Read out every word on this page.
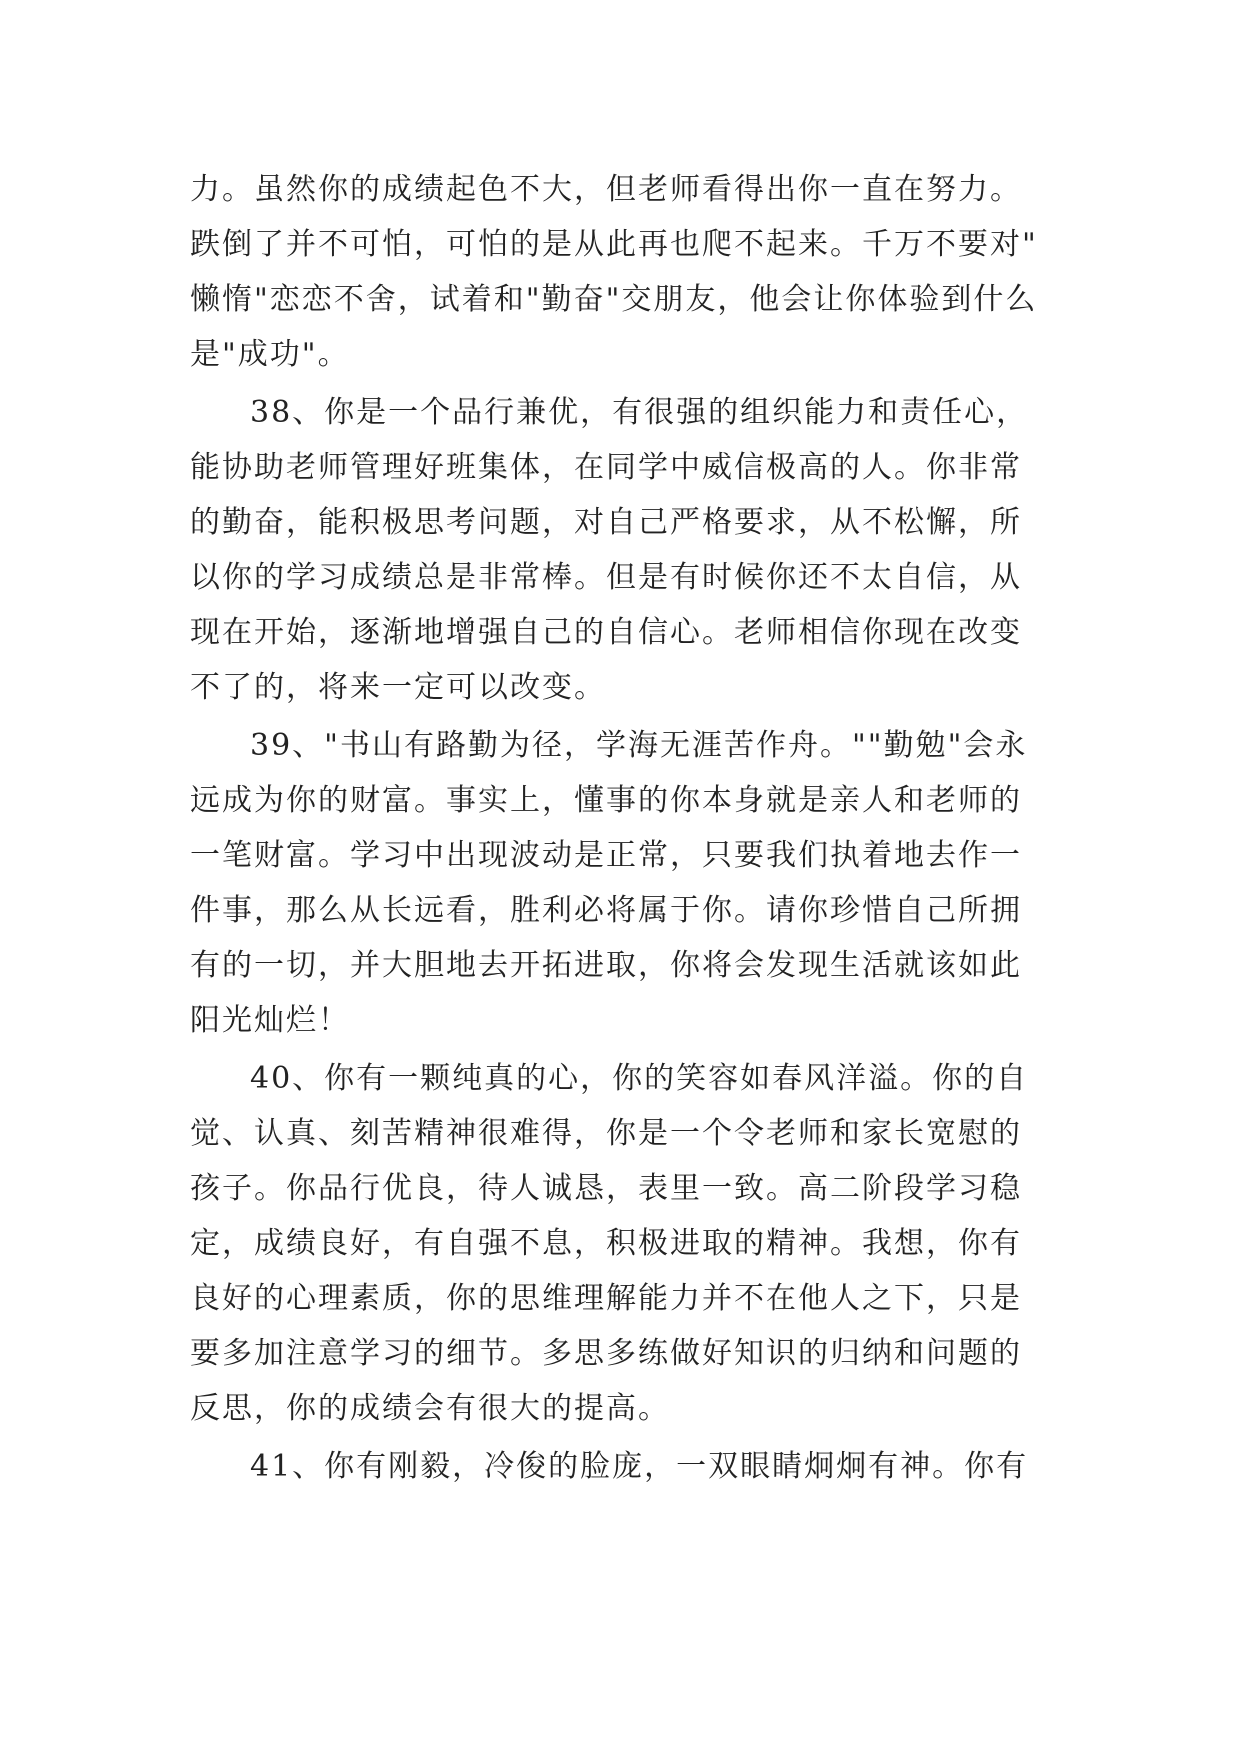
力。虽然你的成绩起色不大，但老师看得出你一直在努力。
跌倒了并不可怕，可怕的是从此再也爬不起来。千万不要对"
懒惰"恋恋不舍，试着和"勤奋"交朋友，他会让你体验到什么
是"成功"。
38、你是一个品行兼优，有很强的组织能力和责任心，
能协助老师管理好班集体，在同学中威信极高的人。你非常
的勤奋，能积极思考问题，对自己严格要求，从不松懈，所
以你的学习成绩总是非常棒。但是有时候你还不太自信，从
现在开始，逐渐地增强自己的自信心。老师相信你现在改变
不了的，将来一定可以改变。
39、"书山有路勤为径，学海无涯苦作舟。""勤勉"会永
远成为你的财富。事实上，懂事的你本身就是亲人和老师的
一笔财富。学习中出现波动是正常，只要我们执着地去作一
件事，那么从长远看，胜利必将属于你。请你珍惜自己所拥
有的一切，并大胆地去开拓进取，你将会发现生活就该如此
阳光灿烂！
40、你有一颗纯真的心，你的笑容如春风洋溢。你的自
觉、认真、刻苦精神很难得，你是一个令老师和家长宽慰的
孩子。你品行优良，待人诚恳，表里一致。高二阶段学习稳
定，成绩良好，有自强不息，积极进取的精神。我想，你有
良好的心理素质，你的思维理解能力并不在他人之下，只是
要多加注意学习的细节。多思多练做好知识的归纳和问题的
反思，你的成绩会有很大的提高。
41、你有刚毅，冷俊的脸庞，一双眼睛炯炯有神。你有
